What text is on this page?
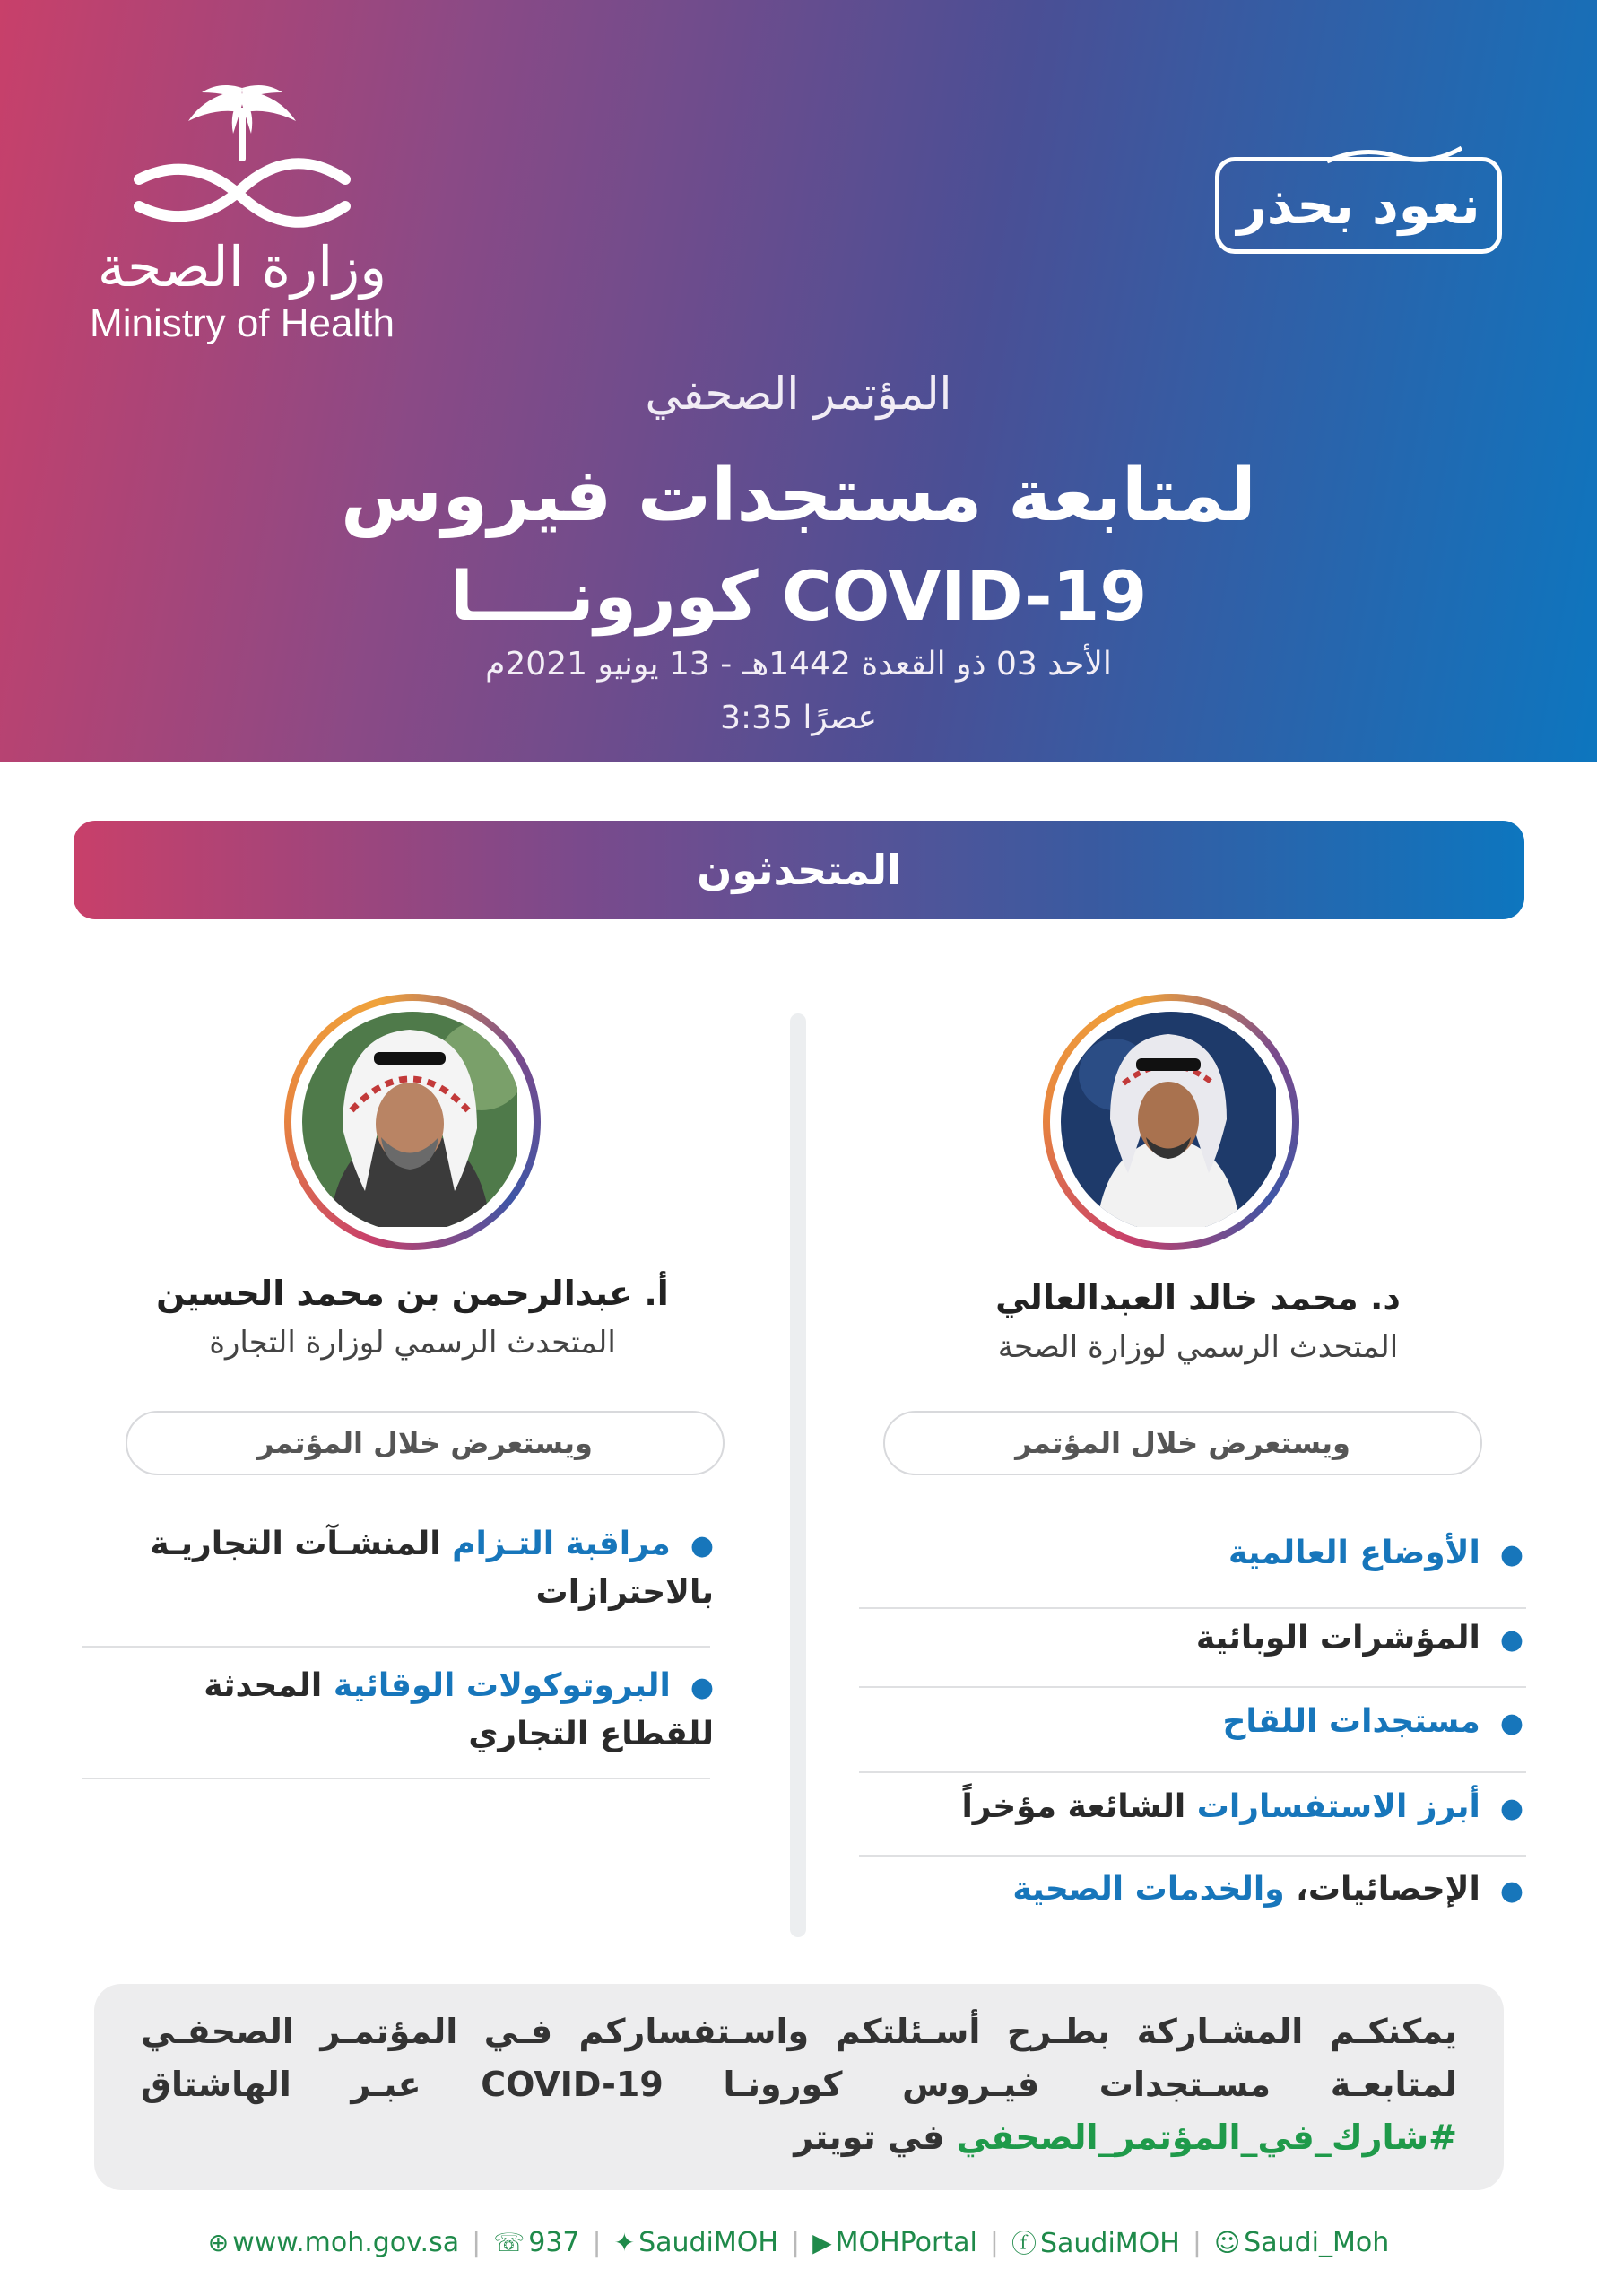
وزارة الصحة
Ministry of Health
نعود بحذر
المؤتمر الصحفي
لمتابعة مستجدات فيروس
كورونــــا COVID-19
الأحد 03 ذو القعدة 1442هـ - 13 يونيو 2021م
3:35 عصرًا
المتحدثون
د. محمد خالد العبدالعالي
المتحدث الرسمي لوزارة الصحة
ويستعرض خلال المؤتمر
●الأوضاع العالمية
●المؤشرات الوبائية
●مستجدات اللقاح
●أبرز الاستفسارات الشائعة مؤخراً
●الإحصائيات، والخدمات الصحية
أ. عبدالرحمن بن محمد الحسين
المتحدث الرسمي لوزارة التجارة
ويستعرض خلال المؤتمر
●مراقبة التـزام المنشـآت التجاريـة بالاحترازات
●البروتوكولات الوقائية المحدثة للقطاع التجاري
يمكنكـم المشـاركة بطـرح أسـئلتكم واسـتفساركم فـي المؤتمـر الصحفـي لمتابعـة مسـتجدات فيـروس كورونـا COVID-19 عبـر الهاشتاق #شارك_في_المؤتمر_الصحفي في تويتر
⊕ www.moh.gov.sa | ☏ 937 | ✦ SaudiMOH | ▶ MOHPortal | ⓕ SaudiMOH | ☺ Saudi_Moh
